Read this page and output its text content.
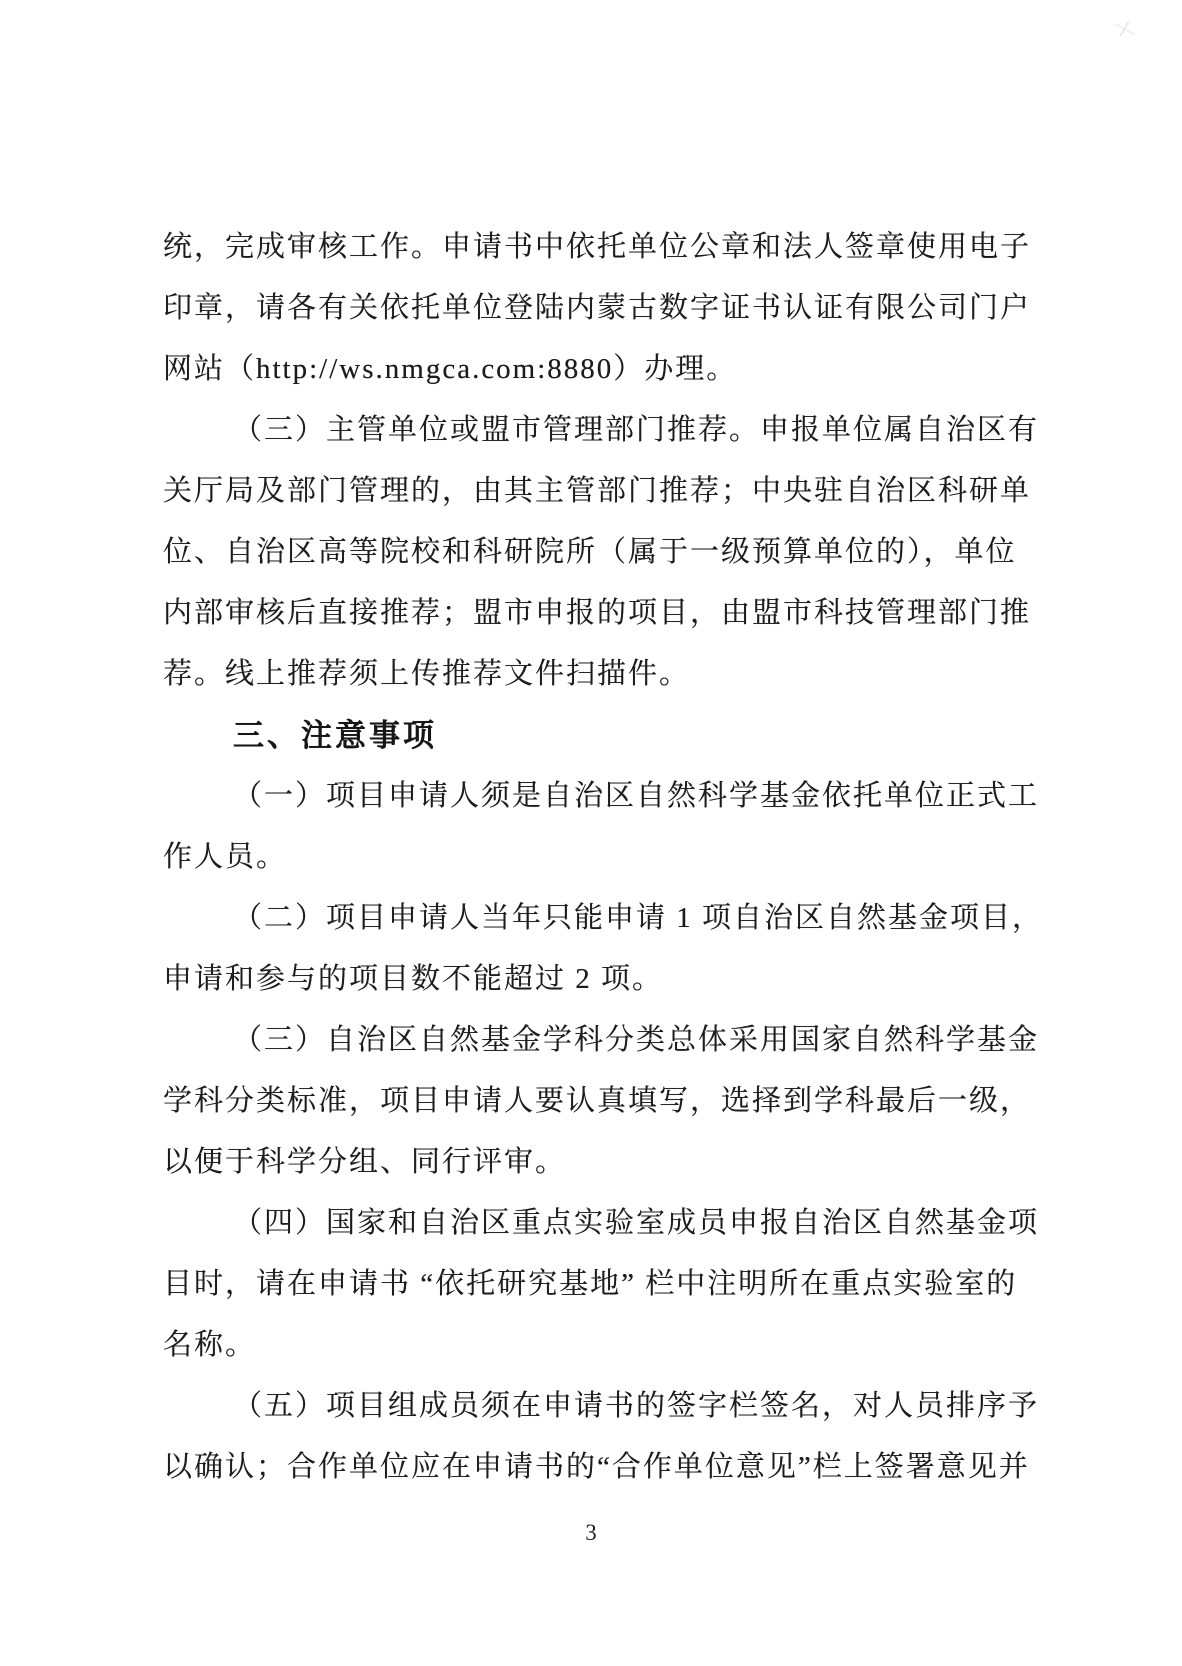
统，完成审核工作。申请书中依托单位公章和法人签章使用电子
印章，请各有关依托单位登陆内蒙古数字证书认证有限公司门户
网站（http://ws.nmgca.com:8880）办理。
（三）主管单位或盟市管理部门推荐。申报单位属自治区有
关厅局及部门管理的，由其主管部门推荐；中央驻自治区科研单
位、自治区高等院校和科研院所（属于一级预算单位的），单位
内部审核后直接推荐；盟市申报的项目，由盟市科技管理部门推
荐。线上推荐须上传推荐文件扫描件。
三、注意事项
（一）项目申请人须是自治区自然科学基金依托单位正式工
作人员。
（二）项目申请人当年只能申请 1 项自治区自然基金项目，
申请和参与的项目数不能超过 2 项。
（三）自治区自然基金学科分类总体采用国家自然科学基金
学科分类标准，项目申请人要认真填写，选择到学科最后一级，
以便于科学分组、同行评审。
（四）国家和自治区重点实验室成员申报自治区自然基金项
目时，请在申请书 “依托研究基地” 栏中注明所在重点实验室的
名称。
（五）项目组成员须在申请书的签字栏签名，对人员排序予
以确认；合作单位应在申请书的“合作单位意见”栏上签署意见并
3
